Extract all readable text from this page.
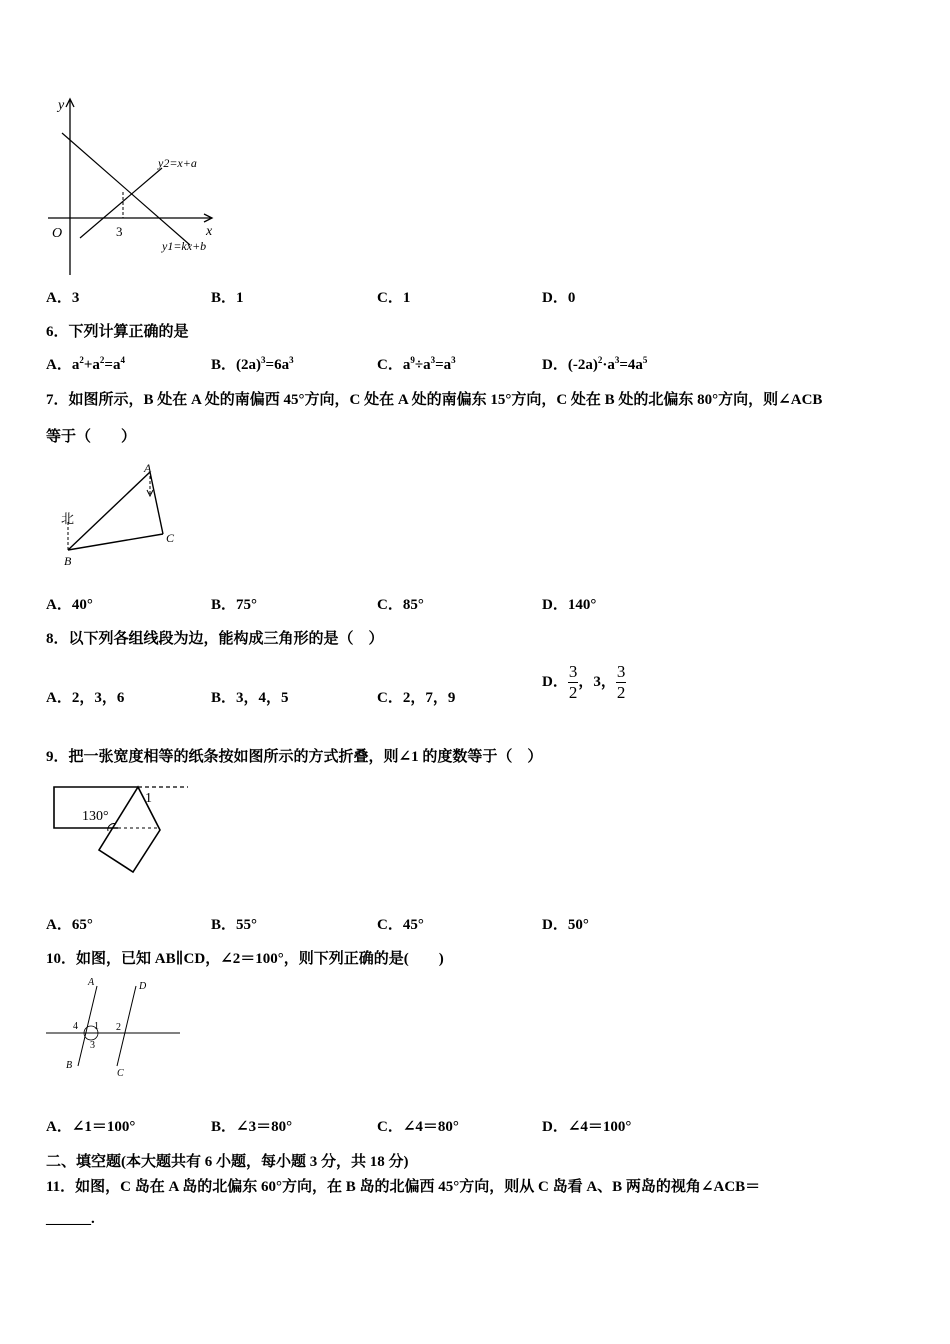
y
x
O	3
y2=x+a
y1=kx+b
A．3	B．1	C．1	D．0
6．下列计算正确的是
A．$a^2+a^2=a^4$	B．$(2a)^3=6a^3$	C．$a^9\div a^3=a^3$	D．$(-2a)^2\cdot a^3=4a^5$
7．如图所示，B 处在 A 处的南偏西 45°方向，C 处在 A 处的南偏东 15°方向，C 处在 B 处的北偏东 80°方向，则∠ACB
等于（　　）
北
A
B
C
A．40°	B．75°	C．85°	D．140°
8．以下列各组线段为边，能构成三角形的是（　）
A．2，3，6	B．3，4，5	C．2，7，9
D． $\frac{3}{2}$ ，3， $\frac{3}{2}$
9．把一张宽度相等的纸条按如图所示的方式折叠，则∠1 的度数等于（　）
130°
1
A．65°	B．55°	C．45°	D．50°
10．如图，已知 AB∥CD，∠2＝100°，则下列正确的是(　　)
A	D
B
C
4 1
3
2
A．∠1＝100°	B．∠3＝80°	C．∠4＝80°	D．∠4＝100°
二、填空题(本大题共有 6 小题，每小题 3 分，共 18 分)
11．如图，C 岛在 A 岛的北偏东 60°方向，在 B 岛的北偏西 45°方向，则从 C 岛看 A、B 两岛的视角∠ACB＝
______.
